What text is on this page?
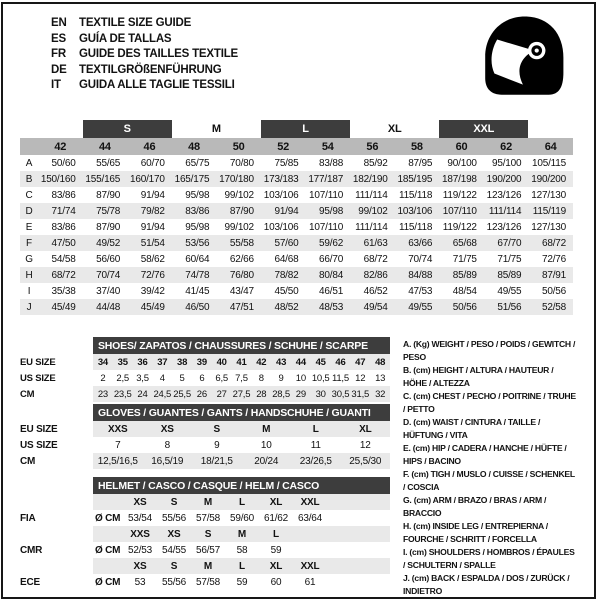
EN	TEXTILE SIZE GUIDE
ES	GUÍA DE TALLAS
FR	GUIDE DES TAILLES TEXTILE
DE	TEXTILGRÖßENFÜHRUNG
IT	GUIDA ALLE TAGLIE TESSILI
		S		M		L		XL		XXL		
	42	44	46	48	50	52	54	56	58	60	62	64
A	50/60	55/65	60/70	65/75	70/80	75/85	83/88	85/92	87/95	90/100	95/100	105/115
B	150/160	155/165	160/170	165/175	170/180	173/183	177/187	182/190	185/195	187/198	190/200	190/200
C	83/86	87/90	91/94	95/98	99/102	103/106	107/110	111/114	115/118	119/122	123/126	127/130
D	71/74	75/78	79/82	83/86	87/90	91/94	95/98	99/102	103/106	107/110	111/114	115/119
E	83/86	87/90	91/94	95/98	99/102	103/106	107/110	111/114	115/118	119/122	123/126	127/130
F	47/50	49/52	51/54	53/56	55/58	57/60	59/62	61/63	63/66	65/68	67/70	68/72
G	54/58	56/60	58/62	60/64	62/66	64/68	66/70	68/72	70/74	71/75	71/75	72/76
H	68/72	70/74	72/76	74/78	76/80	78/82	80/84	82/86	84/88	85/89	85/89	87/91
I	35/38	37/40	39/42	41/45	43/47	45/50	46/51	46/52	47/53	48/54	49/55	50/56
J	45/49	44/48	45/49	46/50	47/51	48/52	48/53	49/54	49/55	50/56	51/56	52/58
	SHOES/ ZAPATOS / CHAUSSURES / SCHUHE / SCARPE														
EU SIZE	34	35	36	37	38	39	40	41	42	43	44	45	46	47	48
US SIZE	2	2,5	3,5	4	5	6	6,5	7,5	8	9	10	10,5	11,5	12	13
CM	23	23,5	24	24,5	25,5	26	27	27,5	28	28,5	29	30	30,5	31,5	32
	GLOVES / GUANTES / GANTS / HANDSCHUHE / GUANTI					
EU SIZE	XXS	XS	S	M	L	XL
US SIZE	7	8	9	10	11	12
CM	12,5/16,5	16,5/19	18/21,5	20/24	23/26,5	25,5/30
	HELMET / CASCO / CASQUE / HELM / CASCO							
		XS	S	M	L	XL	XXL	
FIA	Ø CM	53/54	55/56	57/58	59/60	61/62	63/64	
		XXS	XS	S	M	L		
CMR	Ø CM	52/53	54/55	56/57	58	59		
		XS	S	M	L	XL	XXL	
ECE	Ø CM	53	55/56	57/58	59	60	61	
A. (Kg) WEIGHT / PESO / POIDS / GEWITCH / PESO
B. (cm) HEIGHT / ALTURA / HAUTEUR / HÖHE / ALTEZZA
C. (cm) CHEST / PECHO / POITRINE / TRUHE / PETTO
D. (cm) WAIST / CINTURA / TAILLE / HÜFTUNG / VITA
E. (cm) HIP / CADERA / HANCHE / HÜFTE / HIPS / BACINO
F. (cm) TIGH / MUSLO / CUISSE / SCHENKEL / COSCIA
G. (cm) ARM / BRAZO / BRAS / ARM / BRACCIO
H. (cm) INSIDE LEG / ENTREPIERNA / FOURCHE / SCHRITT / FORCELLA
I. (cm) SHOULDERS / HOMBROS / ÉPAULES / SCHULTERN / SPALLE
J. (cm) BACK / ESPALDA / DOS / ZURÜCK / INDIETRO
